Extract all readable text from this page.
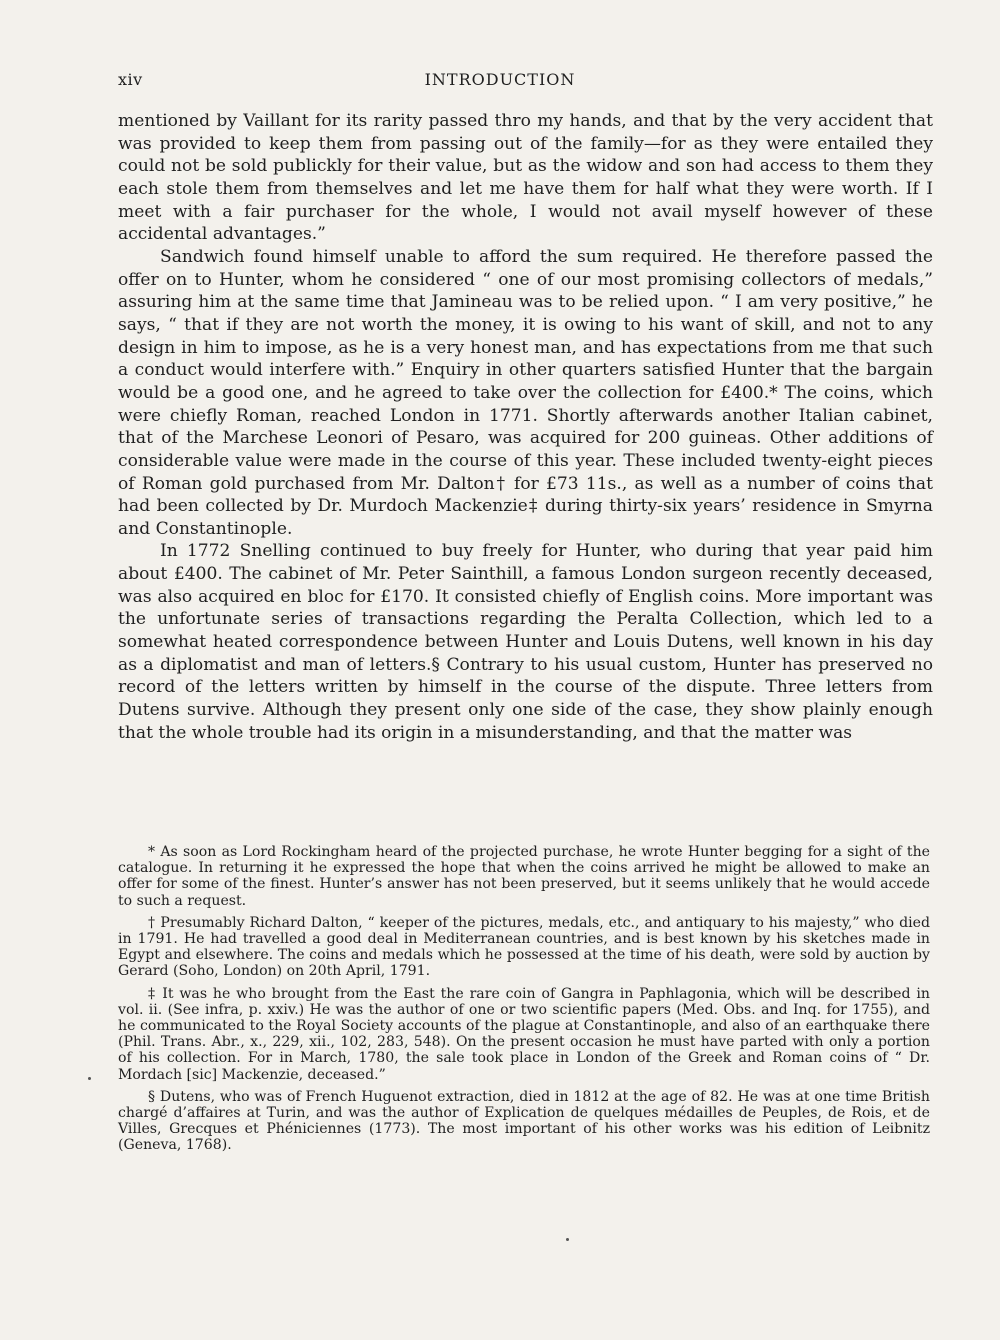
xiv	INTRODUCTION

mentioned by Vaillant for its rarity passed thro my hands, and that by the very accident that was provided to keep them from passing out of the family—for as they were entailed they could not be sold publickly for their value, but as the widow and son had access to them they each stole them from themselves and let me have them for half what they were worth. If I meet with a fair purchaser for the whole, I would not avail myself however of these accidental advantages.”

Sandwich found himself unable to afford the sum required. He therefore passed the offer on to Hunter, whom he considered “ one of our most promising collectors of medals,” assuring him at the same time that Jamineau was to be relied upon. “ I am very positive,” he says, “ that if they are not worth the money, it is owing to his want of skill, and not to any design in him to impose, as he is a very honest man, and has expectations from me that such a conduct would interfere with.” Enquiry in other quarters satisfied Hunter that the bargain would be a good one, and he agreed to take over the collection for £400.* The coins, which were chiefly Roman, reached London in 1771. Shortly afterwards another Italian cabinet, that of the Marchese Leonori of Pesaro, was acquired for 200 guineas. Other additions of considerable value were made in the course of this year. These included twenty-eight pieces of Roman gold purchased from Mr. Dalton† for £73 11s., as well as a number of coins that had been collected by Dr. Murdoch Mackenzie‡ during thirty-six years’ residence in Smyrna and Constantinople.

In 1772 Snelling continued to buy freely for Hunter, who during that year paid him about £400. The cabinet of Mr. Peter Sainthill, a famous London surgeon recently deceased, was also acquired en bloc for £170. It consisted chiefly of English coins. More important was the unfortunate series of transactions regarding the Peralta Collection, which led to a somewhat heated correspondence between Hunter and Louis Dutens, well known in his day as a diplomatist and man of letters.§ Contrary to his usual custom, Hunter has preserved no record of the letters written by himself in the course of the dispute. Three letters from Dutens survive. Although they present only one side of the case, they show plainly enough that the whole trouble had its origin in a misunderstanding, and that the matter was

* As soon as Lord Rockingham heard of the projected purchase, he wrote Hunter begging for a sight of the catalogue. In returning it he expressed the hope that when the coins arrived he might be allowed to make an offer for some of the finest. Hunter’s answer has not been preserved, but it seems unlikely that he would accede to such a request.

† Presumably Richard Dalton, “ keeper of the pictures, medals, etc., and antiquary to his majesty,” who died in 1791. He had travelled a good deal in Mediterranean countries, and is best known by his sketches made in Egypt and elsewhere. The coins and medals which he possessed at the time of his death, were sold by auction by Gerard (Soho, London) on 20th April, 1791.

‡ It was he who brought from the East the rare coin of Gangra in Paphlagonia, which will be described in vol. ii. (See infra, p. xxiv.) He was the author of one or two scientific papers (Med. Obs. and Inq. for 1755), and he communicated to the Royal Society accounts of the plague at Constantinople, and also of an earthquake there (Phil. Trans. Abr., x., 229, xii., 102, 283, 548). On the present occasion he must have parted with only a portion of his collection. For in March, 1780, the sale took place in London of the Greek and Roman coins of “ Dr. Mordach [sic] Mackenzie, deceased.”

§ Dutens, who was of French Huguenot extraction, died in 1812 at the age of 82. He was at one time British chargé d’affaires at Turin, and was the author of Explication de quelques médailles de Peuples, de Rois, et de Villes, Grecques et Phéniciennes (1773). The most important of his other works was his edition of Leibnitz (Geneva, 1768).
